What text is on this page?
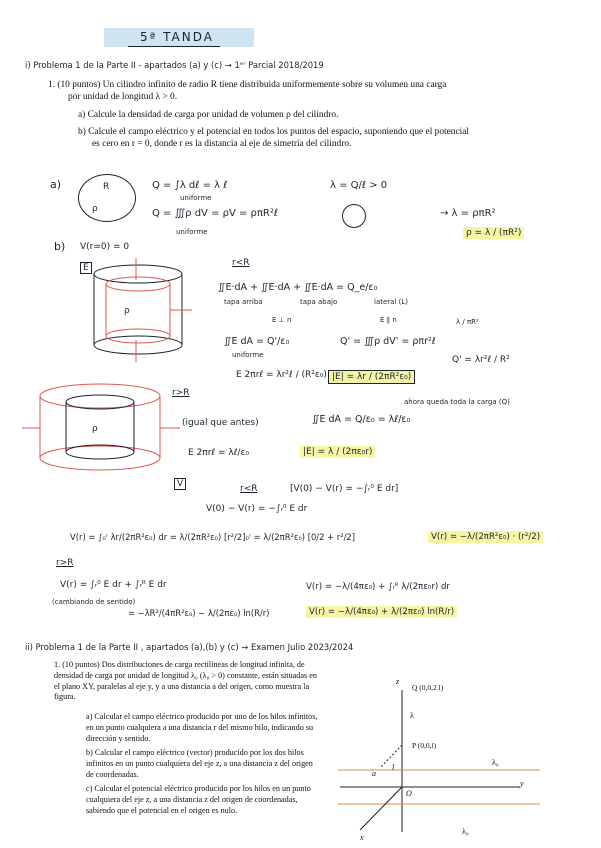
5ª TANDA
i) Problema 1 de la Parte II - apartados (a) y (c) → 1ᵉʳ Parcial 2018/2019
1. (10 puntos) Un cilindro infinito de radio R tiene distribuida uniformemente sobre su volumen una carga
por unidad de longitud λ > 0.
a) Calcule la densidad de carga por unidad de volumen ρ del cilindro.
b) Calcule el campo eléctrico y el potencial en todos los puntos del espacio, suponiendo que el potencial
es cero en r = 0, donde r es la distancia al eje de simetría del cilindro.
a)	R
ρ
Q = ∫λ dℓ = λ ℓ
uniforme
λ = Q/ℓ > 0
Q = ∭ρ dV = ρV = ρπR²ℓ
uniforme
→ λ = ρπR²
ρ = λ / (πR²)
b) V(r=0) = 0
E
ρ
ρ
r<R
∬E·dA + ∬E·dA + ∬E·dA = Q_e/ε₀
tapa arriba	tapa abajo	lateral (L)
E ⊥ n	E ∥ n	λ / πR²
∬E dA = Q'/ε₀
uniforme
Q' = ∭ρ dV' = ρπr²ℓ
Q' = λr²ℓ / R²
E 2πrℓ = λr²ℓ / (R²ε₀) |E| = λr / (2πR²ε₀)
r>R
(igual que antes)	∬E dA = Q/ε₀ = λℓ/ε₀
ahora queda toda la carga (Q)
E 2πrℓ = λℓ/ε₀	|E| = λ / (2πε₀r)
V	r<R	[V(0) − V(r) = −∫ᵣ⁰ E dr]
V(0) − V(r) = −∫ᵣ⁰ E dr
V(r) = ∫₀ʳ λr/(2πR²ε₀) dr = λ/(2πR²ε₀) [r²/2]₀ʳ = λ/(2πR²ε₀) [0/2 + r²/2]	V(r) = −λ/(2πR²ε₀) · (r²/2)
r>R
V(r) = ∫ᵣ⁰ E dr + ∫ᵣᴿ E dr
(cambiando de sentido)
= −λR²/(4πR²ε₀) − λ/(2πε₀) ln(R/r)
V(r) = −λ/(4πε₀) + ∫ᵣᴿ λ/(2πε₀r) dr
V(r) = −λ/(4πε₀) + λ/(2πε₀) ln(R/r)
ii) Problema 1 de la Parte II , apartados (a),(b) y (c) → Examen Julio 2023/2024
1. (10 puntos) Dos distribuciones de carga rectilíneas de longitud infinita, de densidad de carga por unidad de longitud λ₀ (λ₀ > 0) constante, están situadas en el plano XY, paralelas al eje y, y a una distancia a del origen, como muestra la figura.
a) Calcular el campo eléctrico producido por uno de los hilos infinitos, en un punto cualquiera a una distancia r del mismo hilo, indicando su dirección y sentido.
b) Calcular el campo eléctrico (vector) producido por los dos hilos infinitos en un punto cualquiera del eje z, a una distancia z del origen de coordenadas.
c) Calcular el potencial eléctrico producido por los hilos en un punto cualquiera del eje z, a una distancia z del origen de coordenadas, sabiendo que el potencial en el origen es nulo.
z
Q (0,0,2 l)
P (0,0,l)
λ
λ₀
λ₀
y
x
O
a
l
